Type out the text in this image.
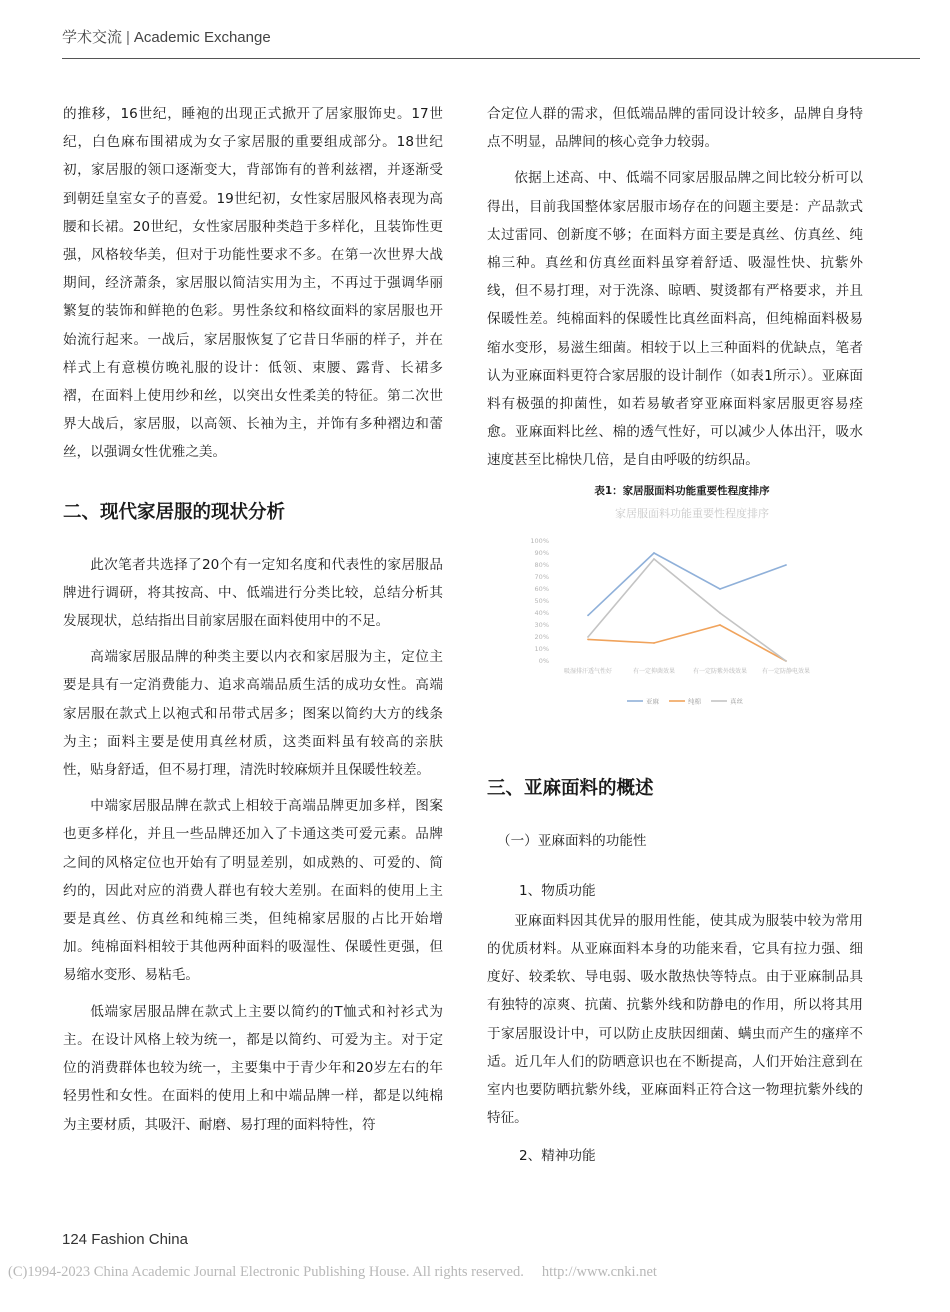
学术交流 | Academic Exchange

的推移，16世纪，睡袍的出现正式掀开了居家服饰史。17世纪，白色麻布围裙成为女子家居服的重要组成部分。18世纪初，家居服的领口逐渐变大，背部饰有的普利兹褶，并逐渐受到朝廷皇室女子的喜爱。19世纪初，女性家居服风格表现为高腰和长裙。20世纪，女性家居服种类趋于多样化，且装饰性更强，风格较华美，但对于功能性要求不多。在第一次世界大战期间，经济萧条，家居服以简洁实用为主，不再过于强调华丽繁复的装饰和鲜艳的色彩。男性条纹和格纹面料的家居服也开始流行起来。一战后，家居服恢复了它昔日华丽的样子，并在样式上有意模仿晚礼服的设计：低领、束腰、露背、长裙多褶，在面料上使用纱和丝，以突出女性柔美的特征。第二次世界大战后，家居服，以高领、长袖为主，并饰有多种褶边和蕾丝，以强调女性优雅之美。

二、现代家居服的现状分析

此次笔者共选择了20个有一定知名度和代表性的家居服品牌进行调研，将其按高、中、低端进行分类比较，总结分析其发展现状，总结指出目前家居服在面料使用中的不足。

高端家居服品牌的种类主要以内衣和家居服为主，定位主要是具有一定消费能力、追求高端品质生活的成功女性。高端家居服在款式上以袍式和吊带式居多；图案以简约大方的线条为主；面料主要是使用真丝材质，这类面料虽有较高的亲肤性，贴身舒适，但不易打理，清洗时较麻烦并且保暖性较差。

中端家居服品牌在款式上相较于高端品牌更加多样，图案也更多样化，并且一些品牌还加入了卡通这类可爱元素。品牌之间的风格定位也开始有了明显差别，如成熟的、可爱的、简约的，因此对应的消费人群也有较大差别。在面料的使用上主要是真丝、仿真丝和纯棉三类，但纯棉家居服的占比开始增加。纯棉面料相较于其他两种面料的吸湿性、保暖性更强，但易缩水变形、易粘毛。

低端家居服品牌在款式上主要以简约的T恤式和衬衫式为主。在设计风格上较为统一，都是以简约、可爱为主。对于定位的消费群体也较为统一，主要集中于青少年和20岁左右的年轻男性和女性。在面料的使用上和中端品牌一样，都是以纯棉为主要材质，其吸汗、耐磨、易打理的面料特性，符

合定位人群的需求，但低端品牌的雷同设计较多，品牌自身特点不明显，品牌间的核心竞争力较弱。

依据上述高、中、低端不同家居服品牌之间比较分析可以得出，目前我国整体家居服市场存在的问题主要是：产品款式太过雷同、创新度不够；在面料方面主要是真丝、仿真丝、纯棉三种。真丝和仿真丝面料虽穿着舒适、吸湿性快、抗紫外线，但不易打理，对于洗涤、晾晒、熨烫都有严格要求，并且保暖性差。纯棉面料的保暖性比真丝面料高，但纯棉面料极易缩水变形，易滋生细菌。相较于以上三种面料的优缺点，笔者认为亚麻面料更符合家居服的设计制作（如表1所示）。亚麻面料有极强的抑菌性，如若易敏者穿亚麻面料家居服更容易痊愈。亚麻面料比丝、棉的透气性好，可以减少人体出汗，吸水速度甚至比棉快几倍，是自由呼吸的纺织品。

表1：家居服面料功能重要性程度排序
家居服面料功能重要性程度排序
100%
90%
80%
70%
60%
50%
40%
30%
20%
10%
0%
吸湿排汗透气性好	有一定抑菌效果	有一定防紫外线效果 有一定防静电效果
亚麻	纯棉	真丝
三、亚麻面料的概述
（一）亚麻面料的功能性
1、物质功能

亚麻面料因其优异的服用性能，使其成为服装中较为常用的优质材料。从亚麻面料本身的功能来看，它具有拉力强、细度好、较柔软、导电弱、吸水散热快等特点。由于亚麻制品具有独特的凉爽、抗菌、抗紫外线和防静电的作用，所以将其用于家居服设计中，可以防止皮肤因细菌、螨虫而产生的瘙痒不适。近几年人们的防晒意识也在不断提高，人们开始注意到在室内也要防晒抗紫外线，亚麻面料正符合这一物理抗紫外线的特征。

2、精神功能
124 Fashion China
(C)1994-2023 China Academic Journal Electronic Publishing House. All rights reserved. http://www.cnki.net
